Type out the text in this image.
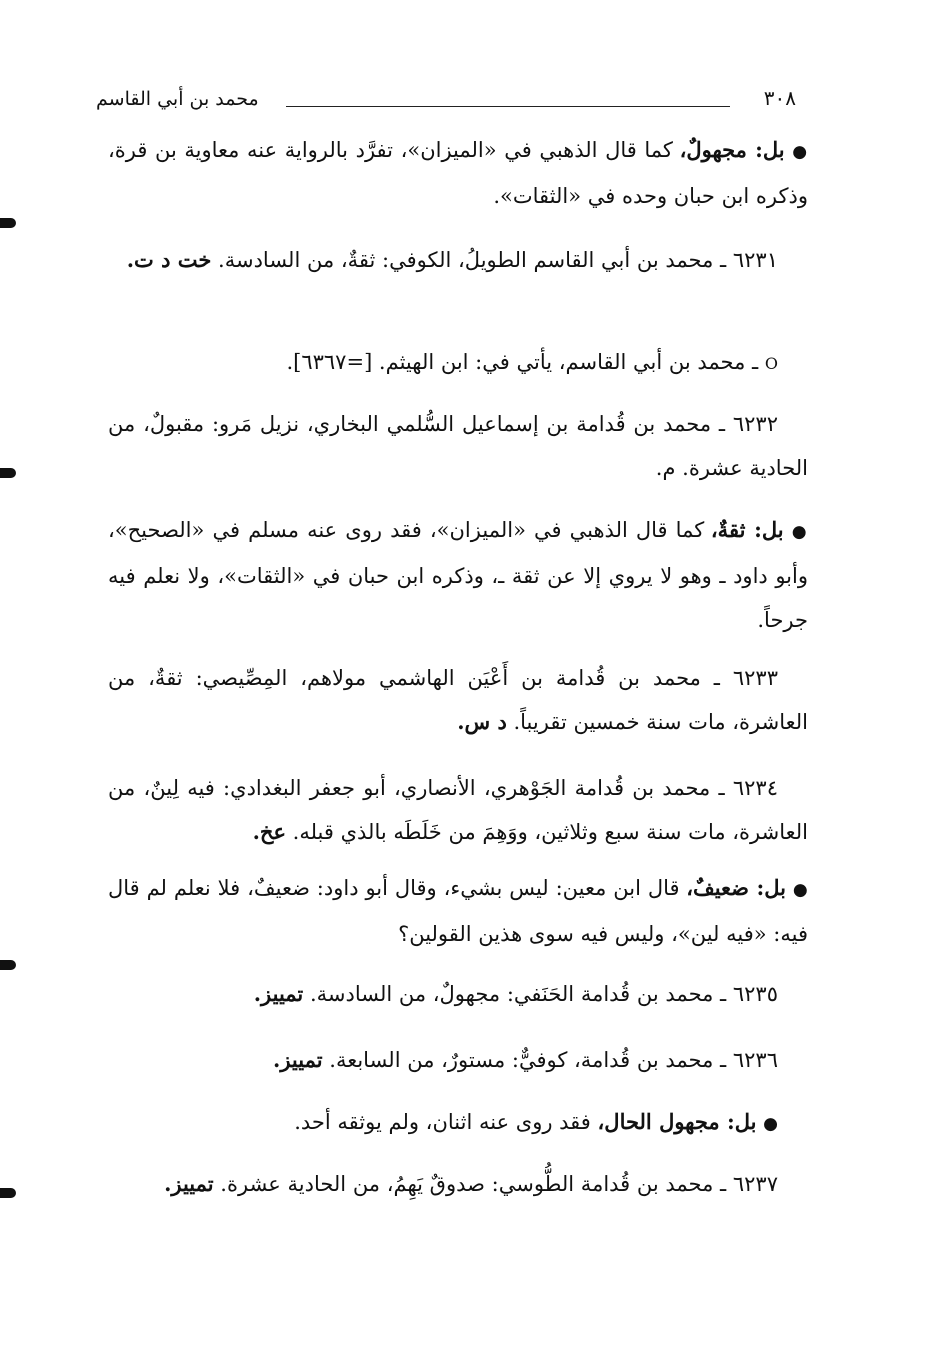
٣٠٨
محمد بن أبي القاسم

● بل: مجهولٌ، كما قال الذهبي في «الميزان»، تفرَّد بالرواية عنه معاوية بن قرة، وذكره ابن حبان وحده في «الثقات».

٦٢٣١ ـ محمد بن أبي القاسم الطويلُ، الكوفي: ثقةٌ، من السادسة. خت د ت.

O ـ محمد بن أبي القاسم، يأتي في: ابن الهيثم. [=٦٣٦٧].

٦٢٣٢ ـ محمد بن قُدامة بن إسماعيل السُّلمي البخاري، نزيل مَرو: مقبولٌ، من الحادية عشرة. م.

● بل: ثقةٌ، كما قال الذهبي في «الميزان»، فقد روى عنه مسلم في «الصحيح»، وأبو داود ـ وهو لا يروي إلا عن ثقة ـ، وذكره ابن حبان في «الثقات»، ولا نعلم فيه جرحاً.

٦٢٣٣ ـ محمد بن قُدامة بن أَعْيَن الهاشمي مولاهم، المِصِّيصي: ثقةٌ، من العاشرة، مات سنة خمسين تقريباً. د س.

٦٢٣٤ ـ محمد بن قُدامة الجَوْهري، الأنصاري، أبو جعفر البغدادي: فيه لِينٌ، من العاشرة، مات سنة سبع وثلاثين، ووَهِمَ من خَلَطَه بالذي قبله. عخ.

● بل: ضعيفٌ، قال ابن معين: ليس بشيء، وقال أبو داود: ضعيفٌ، فلا نعلم لم قال فيه: «فيه لين»، وليس فيه سوى هذين القولين؟

٦٢٣٥ ـ محمد بن قُدامة الحَنَفي: مجهولٌ، من السادسة. تمييز.

٦٢٣٦ ـ محمد بن قُدامة، كوفيٌّ: مستورٌ، من السابعة. تمييز.

● بل: مجهول الحال، فقد روى عنه اثنان، ولم يوثقه أحد.

٦٢٣٧ ـ محمد بن قُدامة الطُّوسي: صدوقٌ يَهِمُ، من الحادية عشرة. تمييز.
